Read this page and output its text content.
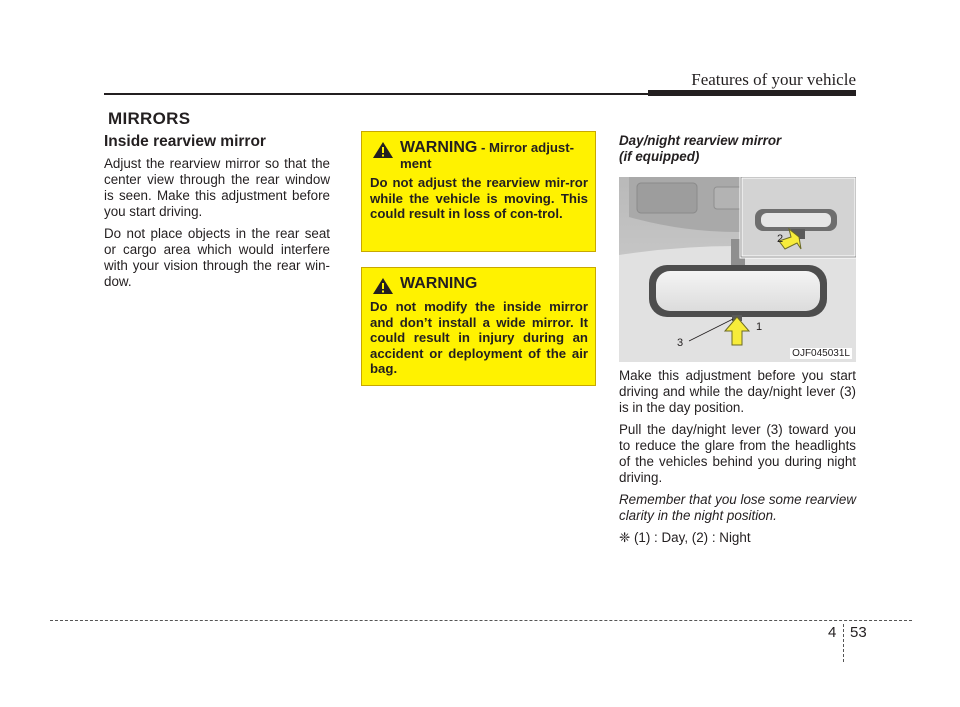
Features of your vehicle
MIRRORS
Inside rearview mirror

Adjust the rearview mirror so that the center view through the rear window is seen. Make this adjustment before you start driving.

Do not place objects in the rear seat or cargo area which would interfere with your vision through the rear win-dow.

WARNING - Mirror adjust-ment
Do not adjust the rearview mir-ror while the vehicle is moving. This could result in loss of con-trol.
WARNING
Do not modify the inside mirror and don’t install a wide mirror. It could result in injury during an accident or deployment of the air bag.
Day/night rearview mirror
(if equipped)
1
2
3
OJF045031L

Make this adjustment before you start driving and while the day/night lever (3) is in the day position.

Pull the day/night lever (3) toward you to reduce the glare from the headlights of the vehicles behind you during night driving.

Remember that you lose some rearview clarity in the night position.

❈ (1) : Day, (2) : Night

4 53
